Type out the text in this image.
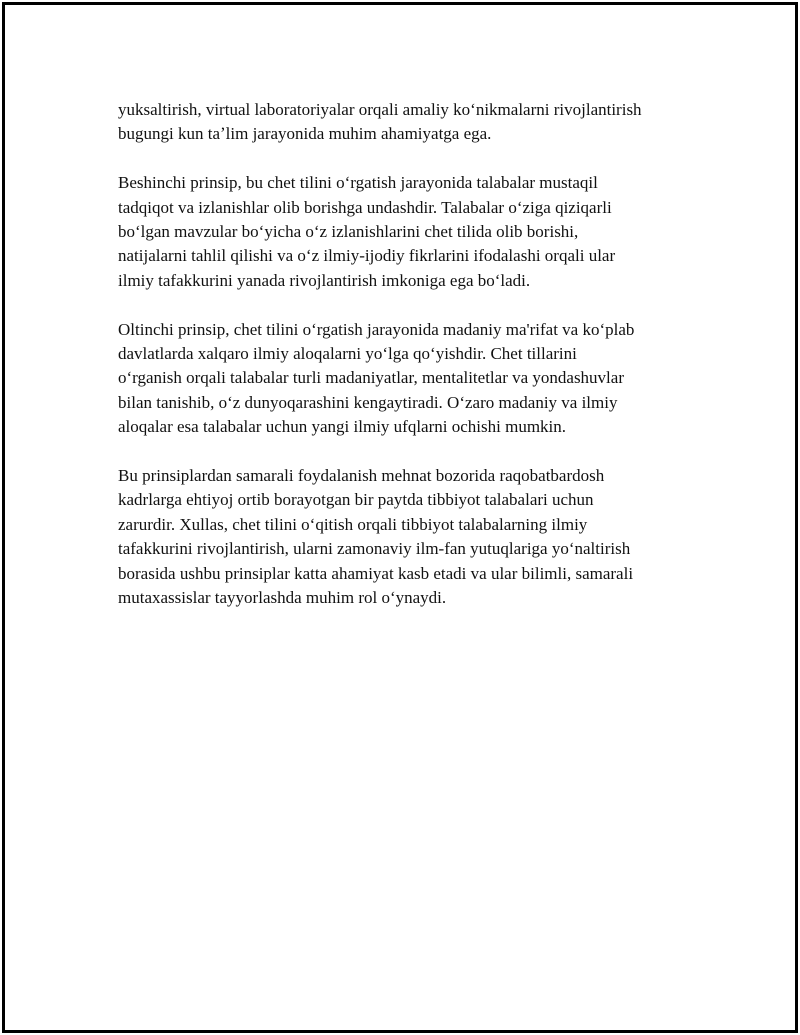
yuksaltirish, virtual laboratoriyalar orqali amaliy koʻnikmalarni rivojlantirish
bugungi kun taʼlim jarayonida muhim ahamiyatga ega.

Beshinchi prinsip, bu chet tilini oʻrgatish jarayonida talabalar mustaqil
tadqiqot va izlanishlar olib borishga undashdir. Talabalar oʻziga qiziqarli
boʻlgan mavzular boʻyicha oʻz izlanishlarini chet tilida olib borishi,
natijalarni tahlil qilishi va oʻz ilmiy-ijodiy fikrlarini ifodalashi orqali ular
ilmiy tafakkurini yanada rivojlantirish imkoniga ega boʻladi.

Oltinchi prinsip, chet tilini oʻrgatish jarayonida madaniy ma'rifat va koʻplab
davlatlarda xalqaro ilmiy aloqalarni yoʻlga qoʻyishdir. Chet tillarini
oʻrganish orqali talabalar turli madaniyatlar, mentalitetlar va yondashuvlar
bilan tanishib, oʻz dunyoqarashini kengaytiradi. Oʻzaro madaniy va ilmiy
aloqalar esa talabalar uchun yangi ilmiy ufqlarni ochishi mumkin.

Bu prinsiplardan samarali foydalanish mehnat bozorida raqobatbardosh
kadrlarga ehtiyoj ortib borayotgan bir paytda tibbiyot talabalari uchun
zarurdir. Xullas, chet tilini oʻqitish orqali tibbiyot talabalarning ilmiy
tafakkurini rivojlantirish, ularni zamonaviy ilm-fan yutuqlariga yoʻnaltirish
borasida ushbu prinsiplar katta ahamiyat kasb etadi va ular bilimli, samarali
mutaxassislar tayyorlashda muhim rol oʻynaydi.
